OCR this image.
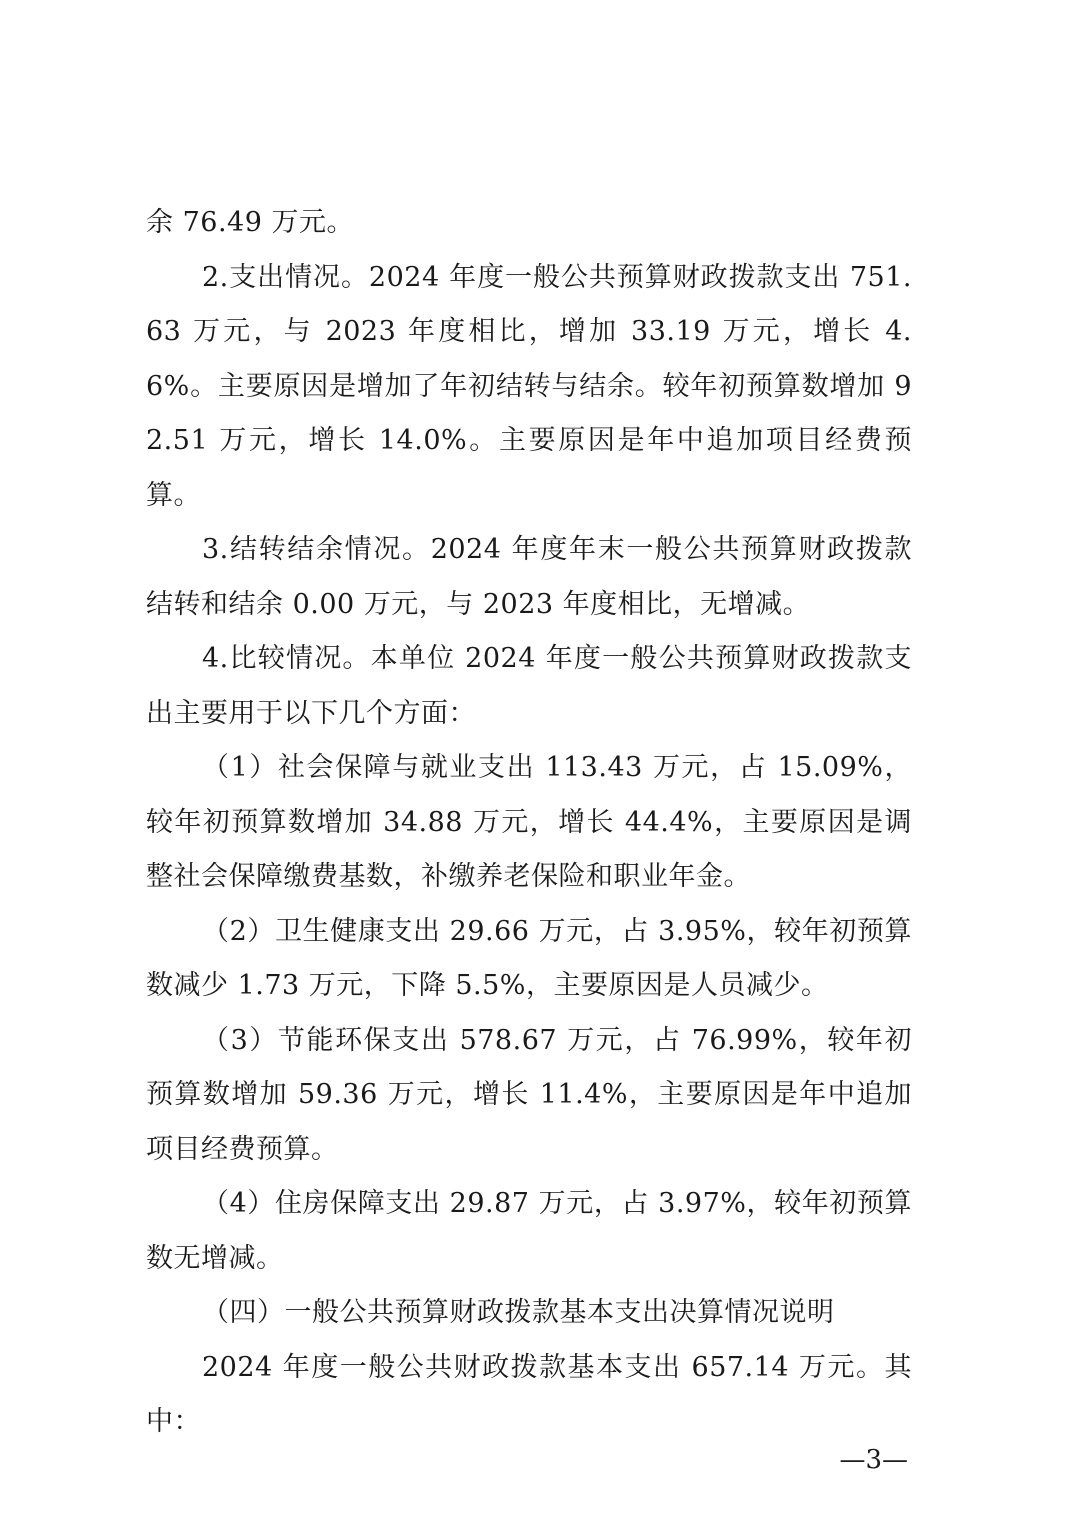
余 76.49 万元。

2.支出情况。2024 年度一般公共预算财政拨款支出 751.63 万元，与 2023 年度相比，增加 33.19 万元，增长 4.6%。主要原因是增加了年初结转与结余。较年初预算数增加 92.51 万元，增长 14.0%。主要原因是年中追加项目经费预算。

3.结转结余情况。2024 年度年末一般公共预算财政拨款结转和结余 0.00 万元，与 2023 年度相比，无增减。

4.比较情况。本单位 2024 年度一般公共预算财政拨款支出主要用于以下几个方面：

（1）社会保障与就业支出 113.43 万元，占 15.09%，较年初预算数增加 34.88 万元，增长 44.4%，主要原因是调整社会保障缴费基数，补缴养老保险和职业年金。

（2）卫生健康支出 29.66 万元，占 3.95%，较年初预算数减少 1.73 万元，下降 5.5%，主要原因是人员减少。

（3）节能环保支出 578.67 万元，占 76.99%，较年初预算数增加 59.36 万元，增长 11.4%，主要原因是年中追加项目经费预算。

（4）住房保障支出 29.87 万元，占 3.97%，较年初预算数无增减。

（四）一般公共预算财政拨款基本支出决算情况说明

2024 年度一般公共财政拨款基本支出 657.14 万元。其中：

—3—
